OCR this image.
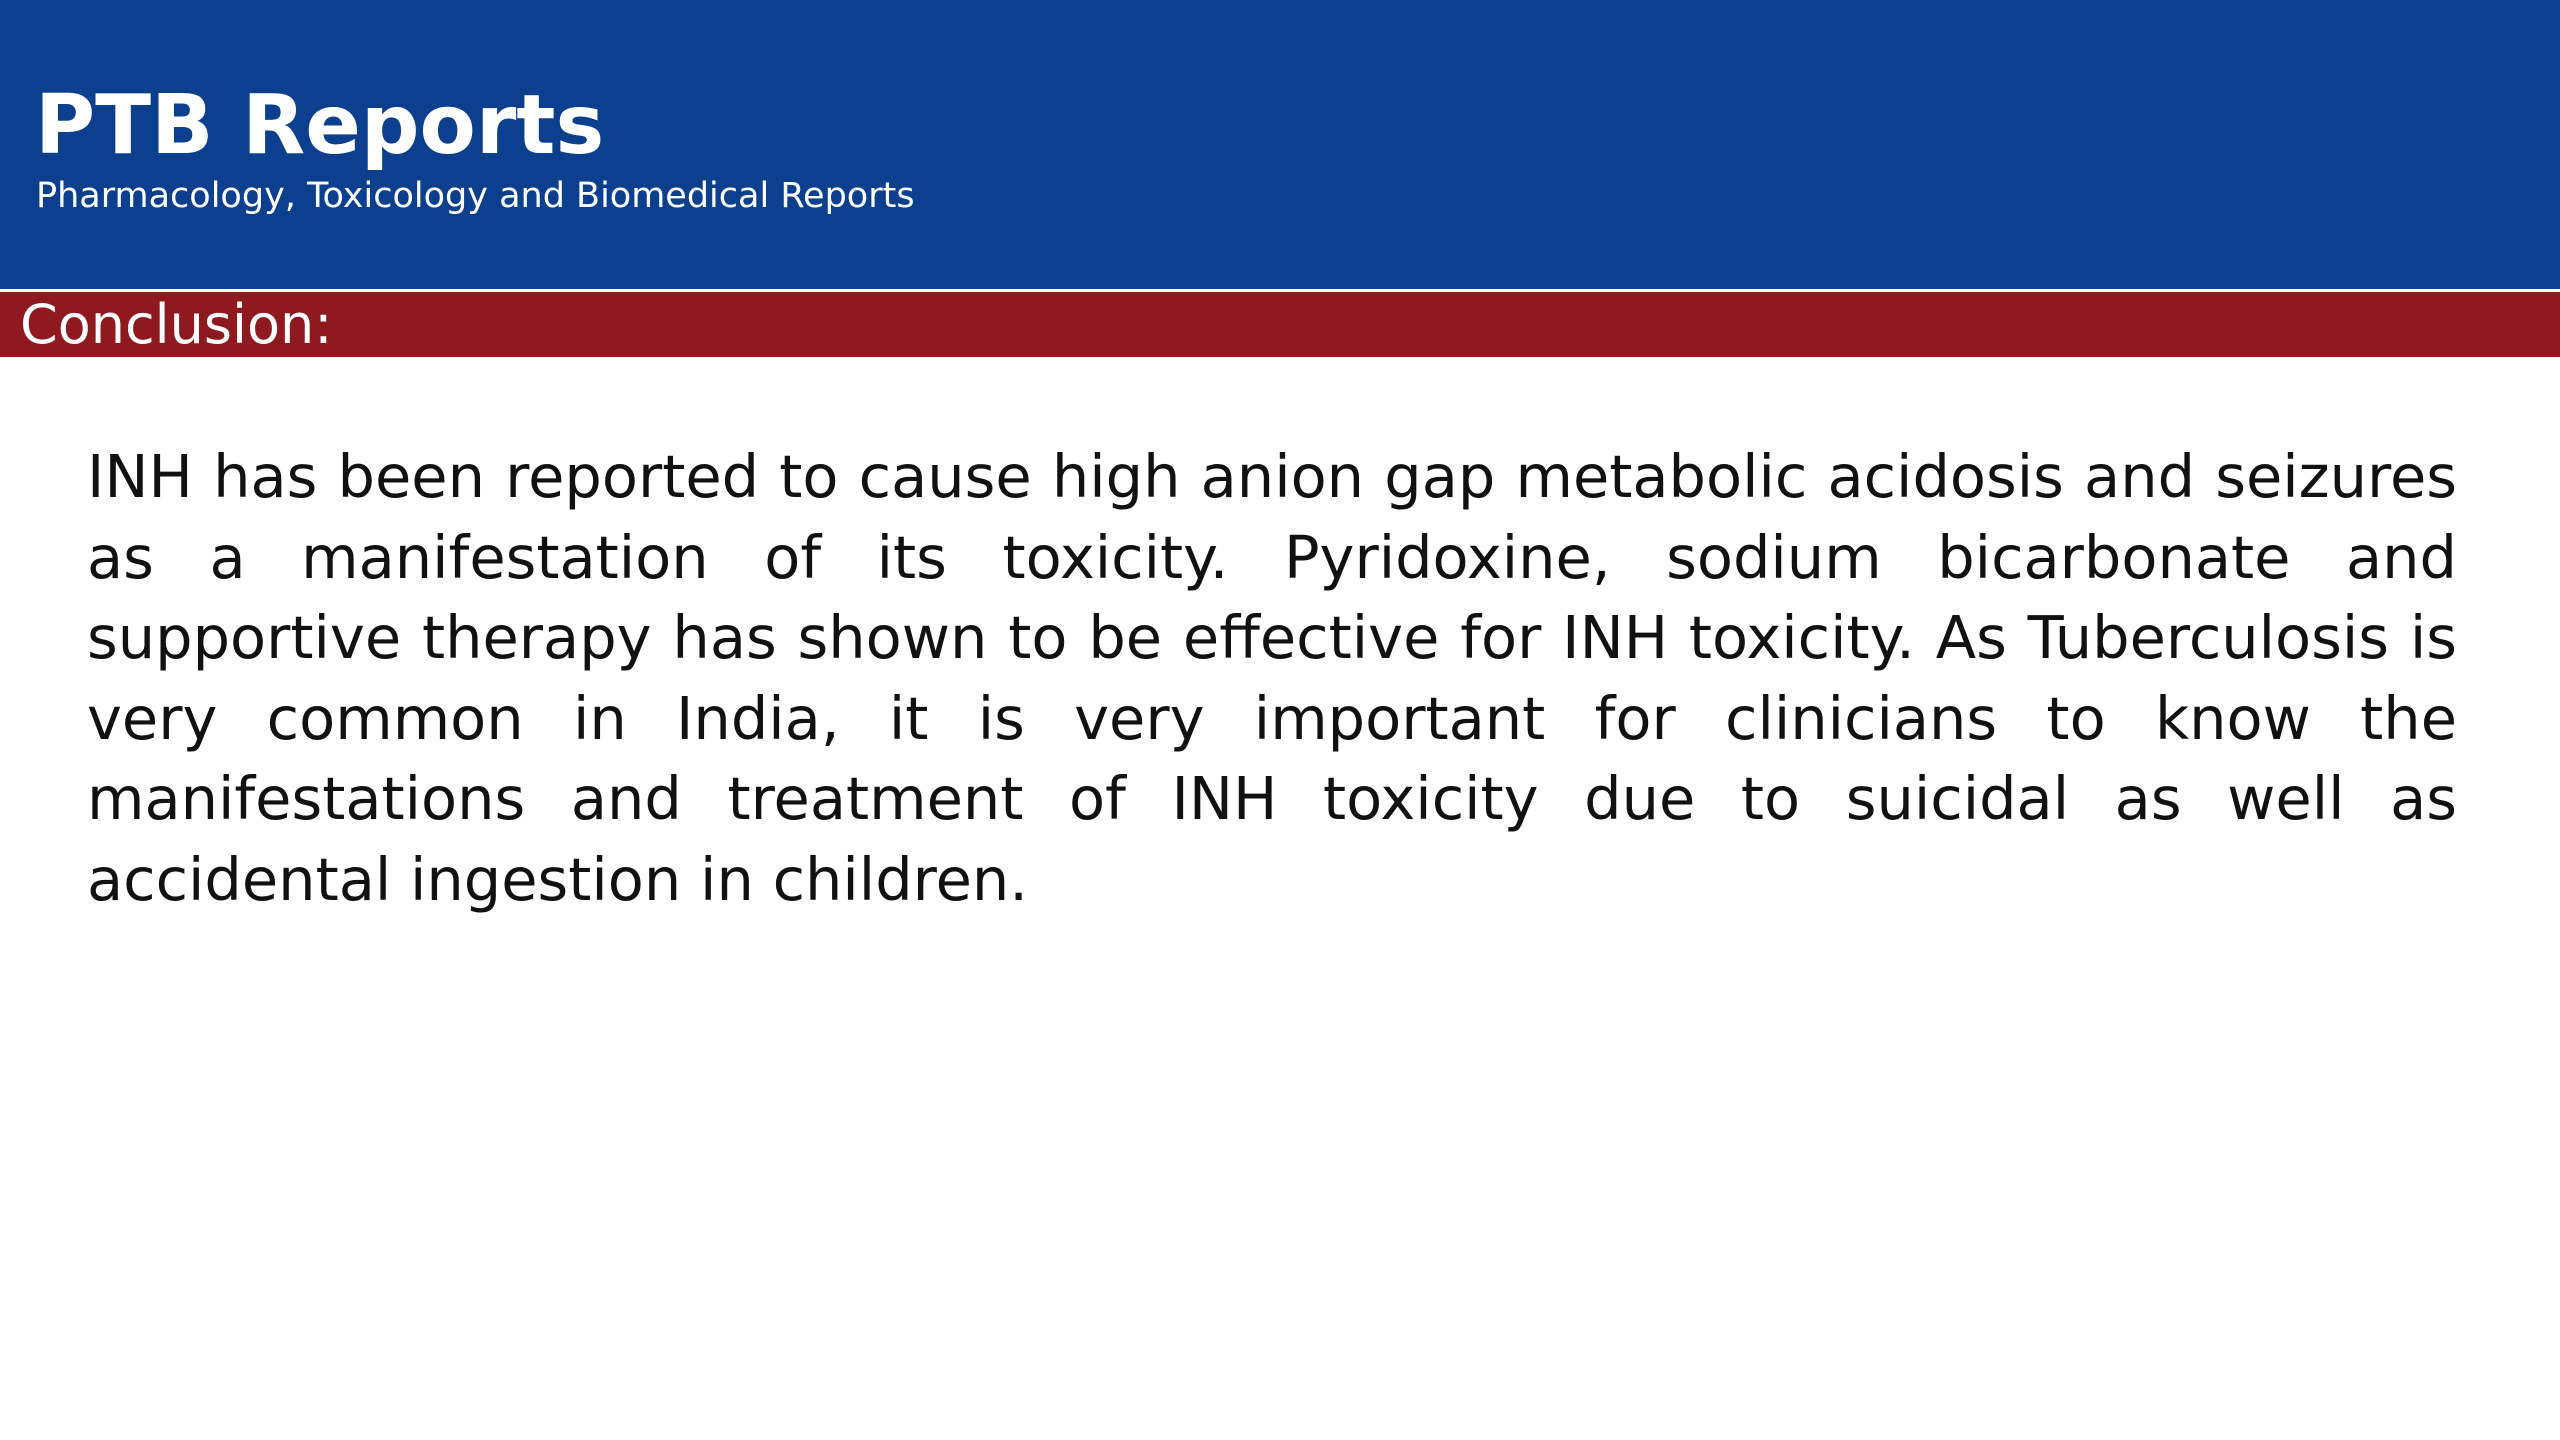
PTB Reports
Pharmacology, Toxicology and Biomedical Reports
Conclusion:

INH has been reported to cause high anion gap metabolic acidosis and seizures as a manifestation of its toxicity. Pyridoxine, sodium bicarbonate and supportive therapy has shown to be effective for INH toxicity. As Tuberculosis is very common in India, it is very important for clinicians to know the manifestations and treatment of INH toxicity due to suicidal as well as accidental ingestion in children.
